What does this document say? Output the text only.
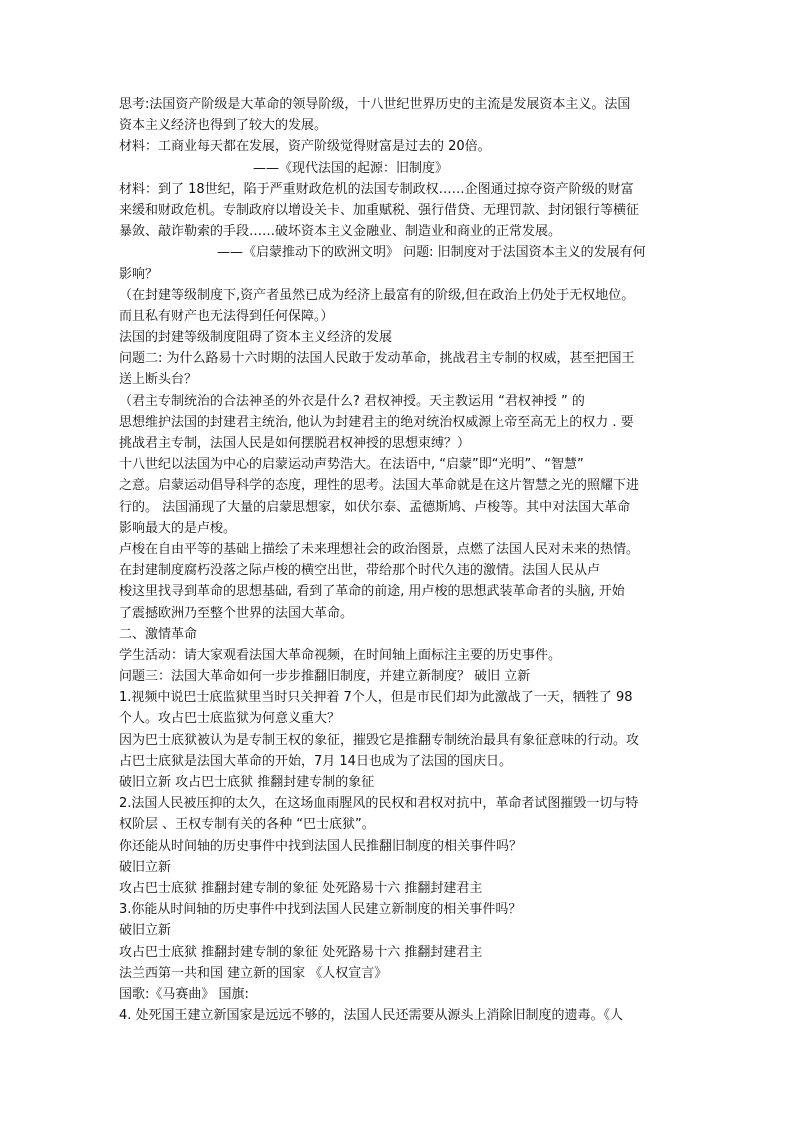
思考:法国资产阶级是大革命的领导阶级，十八世纪世界历史的主流是发展资本主义。法国
资本主义经济也得到了较大的发展。
材料：工商业每天都在发展，资产阶级觉得财富是过去的 20倍。
——《现代法国的起源：旧制度》
材料：到了 18世纪，陷于严重财政危机的法国专制政权……企图通过掠夺资产阶级的财富
来缓和财政危机。专制政府以增设关卡、加重赋税、强行借贷、无理罚款、封闭银行等横征
暴敛、敲诈勒索的手段……破坏资本主义金融业、制造业和商业的正常发展。
——《启蒙推动下的欧洲文明》 问题: 旧制度对于法国资本主义的发展有何
影响？
（在封建等级制度下,资产者虽然已成为经济上最富有的阶级,但在政治上仍处于无权地位。
而且私有财产也无法得到任何保障。）
法国的封建等级制度阻碍了资本主义经济的发展
问题二: 为什么路易十六时期的法国人民敢于发动革命，挑战君主专制的权威，甚至把国王
送上断头台？
（君主专制统治的合法神圣的外衣是什么? 君权神授。天主教运用 “君权神授 ” 的
思想维护法国的封建君主统治, 他认为封建君主的绝对统治权威源上帝至高无上的权力 . 要
挑战君主专制，法国人民是如何摆脱君权神授的思想束缚？）
十八世纪以法国为中心的启蒙运动声势浩大。在法语中, “启蒙”即“光明”、“智慧”
之意。启蒙运动倡导科学的态度，理性的思考。法国大革命就是在这片智慧之光的照耀下进
行的。 法国涌现了大量的启蒙思想家，如伏尔泰、孟德斯鸠、卢梭等。其中对法国大革命
影响最大的是卢梭。
卢梭在自由平等的基础上描绘了未来理想社会的政治图景，点燃了法国人民对未来的热情。
在封建制度腐朽没落之际卢梭的横空出世，带给那个时代久违的激情。法国人民从卢
梭这里找寻到革命的思想基础, 看到了革命的前途, 用卢梭的思想武装革命者的头脑, 开始
了震撼欧洲乃至整个世界的法国大革命。
二、激情革命
学生活动：请大家观看法国大革命视频，在时间轴上面标注主要的历史事件。
问题三：法国大革命如何一步步推翻旧制度，并建立新制度？ 破旧 立新
1.视频中说巴士底监狱里当时只关押着 7个人，但是市民们却为此激战了一天，牺牲了 98
个人。攻占巴士底监狱为何意义重大？
因为巴士底狱被认为是专制王权的象征，摧毁它是推翻专制统治最具有象征意味的行动。攻
占巴士底狱是法国大革命的开始，7月 14日也成为了法国的国庆日。
破旧立新 攻占巴士底狱 推翻封建专制的象征
2.法国人民被压抑的太久，在这场血雨腥风的民权和君权对抗中，革命者试图摧毁一切与特
权阶层 、王权专制有关的各种 “巴士底狱”。
你还能从时间轴的历史事件中找到法国人民推翻旧制度的相关事件吗？
破旧立新
攻占巴士底狱 推翻封建专制的象征 处死路易十六 推翻封建君主
3.你能从时间轴的历史事件中找到法国人民建立新制度的相关事件吗？
破旧立新
攻占巴士底狱 推翻封建专制的象征 处死路易十六 推翻封建君主
法兰西第一共和国 建立新的国家 《人权宣言》
国歌:《马赛曲》 国旗:
4. 处死国王建立新国家是远远不够的，法国人民还需要从源头上消除旧制度的遗毒。《人
